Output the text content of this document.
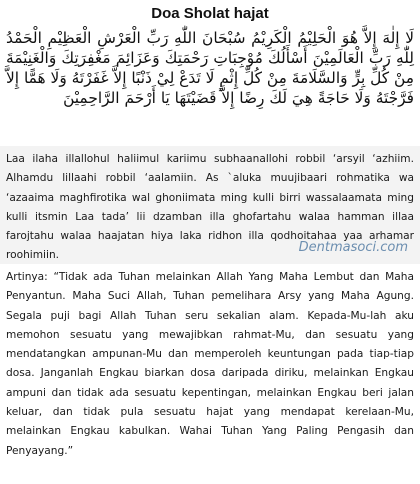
Doa Sholat hajat
لَا إِلٰهَ إِلاَّ هُوَ الْحَلِيْمُ الْكَرِيْمُ سُبْحَانَ اللّٰهِ رَبِّ الْعَرْشِ الْعَظِيْمِ الْحَمْدُ لِلّٰهِ رَبِّ الْعَالَمِيْنَ أَسْأَلُكَ مُوْجِبَاتِ رَحْمَتِكَ وَعَزَائِمَ مَغْفِرَتِكَ وَالْغَنِيْمَةَ مِنْ كُلِّ بِرٍّ وَالسَّلَامَةَ مِنْ كُلِّ إِثْمٍ لَا تَدَعْ لِيْ ذَنْبًا إِلاَّ غَفَرْتَهُ وَلَا هَمًّا إِلاَّ فَرَّجْتَهُ وَلَا حَاجَةً هِيَ لَكَ رِضًا إِلاَّ قَضَيْتَهَا يَا أَرْحَمَ الرَّاحِمِيْنَ
Laa ilaha illallohul haliimul kariimu subhaanallohi robbil ‘arsyil ‘azhiim. Alhamdu lillaahi robbil ‘aalamiin. As `aluka muujibaari rohmatika wa ‘azaaima maghfirotika wal ghoniimata ming kulli birri wassalaamata ming kulli itsmin Laa tada’ lii dzamban illa ghofartahu walaa hamman illaa farojtahu walaa haajatan hiya laka ridhon illa qodhoitahaa yaa arhamar roohimiin.
Dentmasoci.com
Artinya: “Tidak ada Tuhan melainkan Allah Yang Maha Lembut dan Maha Penyantun. Maha Suci Allah, Tuhan pemelihara Arsy yang Maha Agung. Segala puji bagi Allah Tuhan seru sekalian alam. Kepada-Mu-lah aku memohon sesuatu yang mewajibkan rahmat-Mu, dan sesuatu yang mendatangkan ampunan-Mu dan memperoleh keuntungan pada tiap-tiap dosa. Janganlah Engkau biarkan dosa daripada diriku, melainkan Engkau ampuni dan tidak ada sesuatu kepentingan, melainkan Engkau beri jalan keluar, dan tidak pula sesuatu hajat yang mendapat kerelaan-Mu, melainkan Engkau kabulkan. Wahai Tuhan Yang Paling Pengasih dan Penyayang.”
